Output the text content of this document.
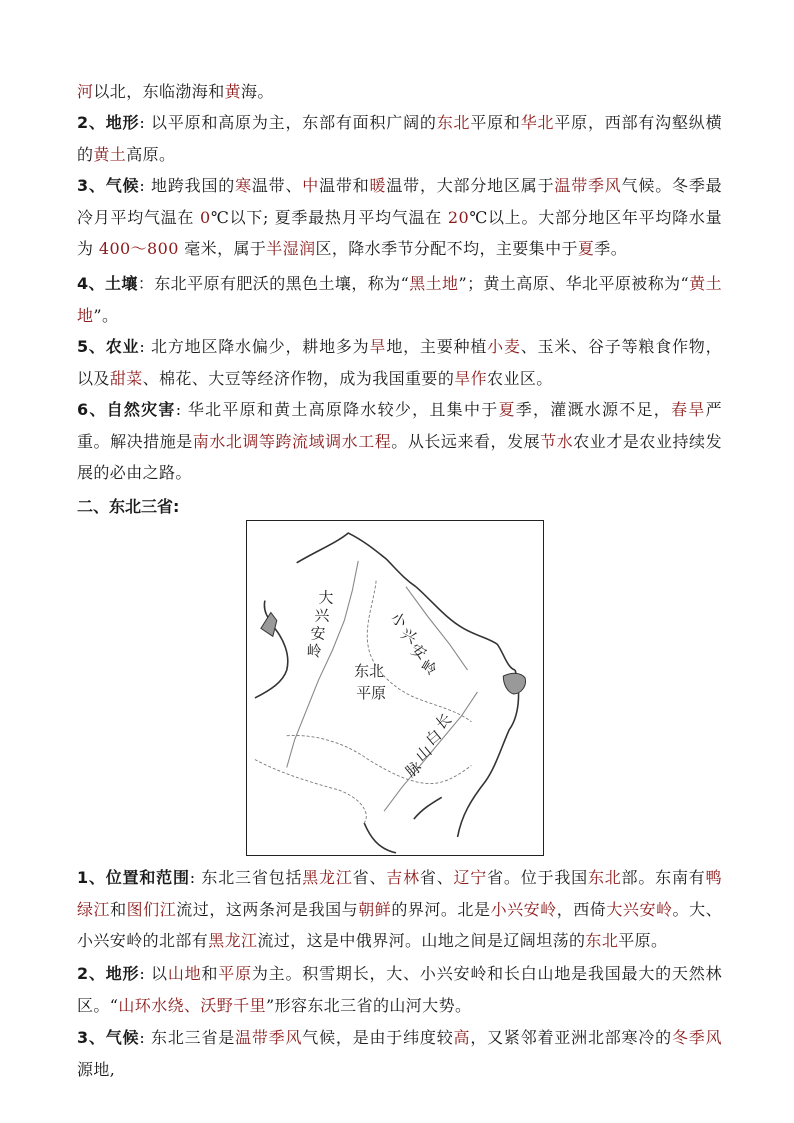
河以北，东临渤海和黄海。

2、地形: 以平原和高原为主，东部有面积广阔的东北平原和华北平原，西部有沟壑纵横的黄土高原。

3、气候: 地跨我国的寒温带、中温带和暖温带，大部分地区属于温带季风气候。冬季最冷月平均气温在 0℃以下; 夏季最热月平均气温在 20℃以上。大部分地区年平均降水量为 400～800 毫米，属于半湿润区，降水季节分配不均，主要集中于夏季。

4、土壤：东北平原有肥沃的黑色土壤，称为“黑土地”；黄土高原、华北平原被称为“黄土地”。

5、农业: 北方地区降水偏少，耕地多为旱地，主要种植小麦、玉米、谷子等粮食作物，以及甜菜、棉花、大豆等经济作物，成为我国重要的旱作农业区。

6、自然灾害: 华北平原和黄土高原降水较少，且集中于夏季，灌溉水源不足，春旱严重。解决措施是南水北调等跨流域调水工程。从长远来看，发展节水农业才是农业持续发展的必由之路。

二、东北三省:
大
兴
安
岭
小
兴
安
岭
东北
平原
长
白
山
脉

1、位置和范围: 东北三省包括黑龙江省、吉林省、辽宁省。位于我国东北部。东南有鸭绿江和图们江流过，这两条河是我国与朝鲜的界河。北是小兴安岭，西倚大兴安岭。大、小兴安岭的北部有黑龙江流过，这是中俄界河。山地之间是辽阔坦荡的东北平原。

2、地形: 以山地和平原为主。积雪期长，大、小兴安岭和长白山地是我国最大的天然林区。“山环水绕、沃野千里”形容东北三省的山河大势。

3、气候: 东北三省是温带季风气候，是由于纬度较高，又紧邻着亚洲北部寒冷的冬季风源地,
